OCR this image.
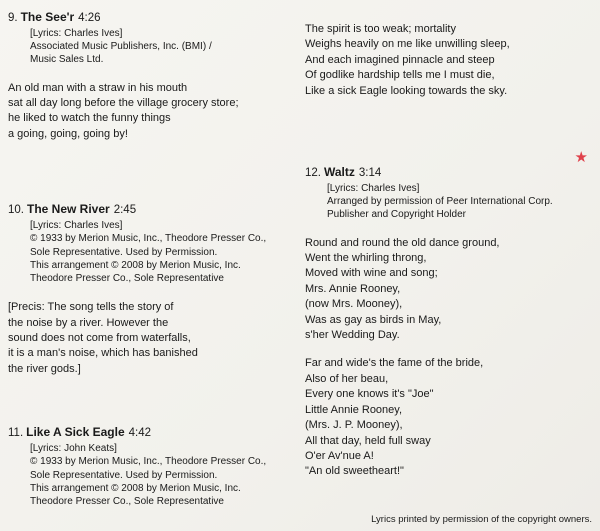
9. The See'r 4:26
[Lyrics: Charles Ives]
Associated Music Publishers, Inc. (BMI) /
Music Sales Ltd.
An old man with a straw in his mouth
sat all day long before the village grocery store;
he liked to watch the funny things
a going, going, going by!
10. The New River 2:45
[Lyrics: Charles Ives]
© 1933 by Merion Music, Inc., Theodore Presser Co.,
Sole Representative. Used by Permission.
This arrangement © 2008 by Merion Music, Inc.
Theodore Presser Co., Sole Representative
[Precis: The song tells the story of
the noise by a river. However the
sound does not come from waterfalls,
it is a man's noise, which has banished
the river gods.]
11. Like A Sick Eagle 4:42
[Lyrics: John Keats]
© 1933 by Merion Music, Inc., Theodore Presser Co.,
Sole Representative. Used by Permission.
This arrangement © 2008 by Merion Music, Inc.
Theodore Presser Co., Sole Representative
The spirit is too weak; mortality
Weighs heavily on me like unwilling sleep,
And each imagined pinnacle and steep
Of godlike hardship tells me I must die,
Like a sick Eagle looking towards the sky.
12. Waltz 3:14
[Lyrics: Charles Ives]
Arranged by permission of Peer International Corp.
Publisher and Copyright Holder
Round and round the old dance ground,
Went the whirling throng,
Moved with wine and song;
Mrs. Annie Rooney,
(now Mrs. Mooney),
Was as gay as birds in May,
s'her Wedding Day.
Far and wide's the fame of the bride,
Also of her beau,
Every one knows it's "Joe"
Little Annie Rooney,
(Mrs. J. P. Mooney),
All that day, held full sway
O'er Av'nue A!
"An old sweetheart!"
★
Lyrics printed by permission of the copyright owners.
